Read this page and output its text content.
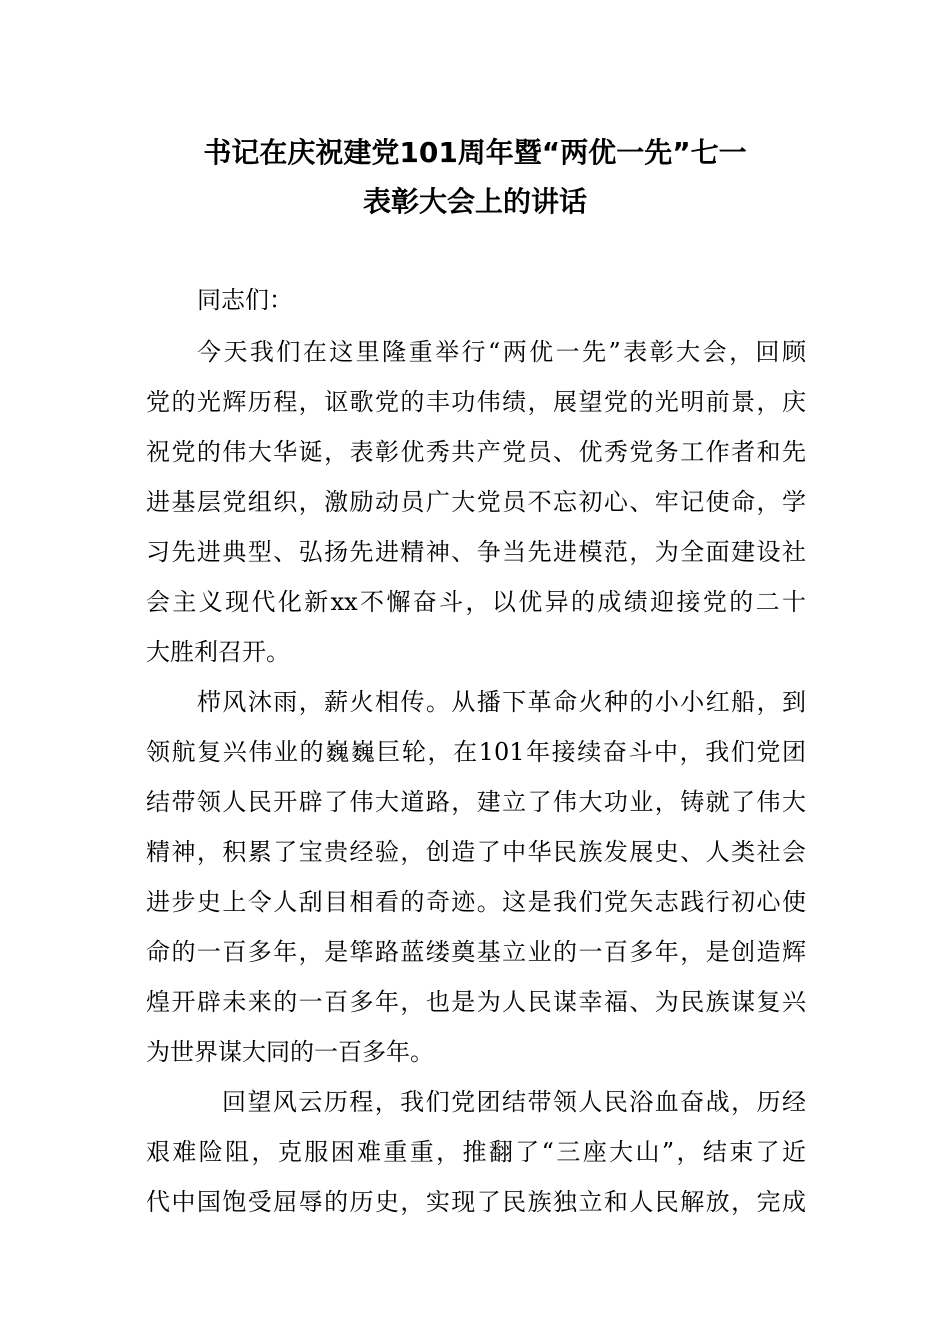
书记在庆祝建党101周年暨“两优一先”七一
表彰大会上的讲话
同志们：
今天我们在这里隆重举行“两优一先”表彰大会，回顾
党的光辉历程，讴歌党的丰功伟绩，展望党的光明前景，庆
祝党的伟大华诞，表彰优秀共产党员、优秀党务工作者和先
进基层党组织，激励动员广大党员不忘初心、牢记使命，学
习先进典型、弘扬先进精神、争当先进模范，为全面建设社
会主义现代化新xx不懈奋斗，以优异的成绩迎接党的二十
大胜利召开。
栉风沐雨，薪火相传。从播下革命火种的小小红船，到
领航复兴伟业的巍巍巨轮，在101年接续奋斗中，我们党团
结带领人民开辟了伟大道路，建立了伟大功业，铸就了伟大
精神，积累了宝贵经验，创造了中华民族发展史、人类社会
进步史上令人刮目相看的奇迹。这是我们党矢志践行初心使
命的一百多年，是筚路蓝缕奠基立业的一百多年，是创造辉
煌开辟未来的一百多年，也是为人民谋幸福、为民族谋复兴
为世界谋大同的一百多年。
回望风云历程，我们党团结带领人民浴血奋战，历经
艰难险阻，克服困难重重，推翻了“三座大山”，结束了近
代中国饱受屈辱的历史，实现了民族独立和人民解放，完成
